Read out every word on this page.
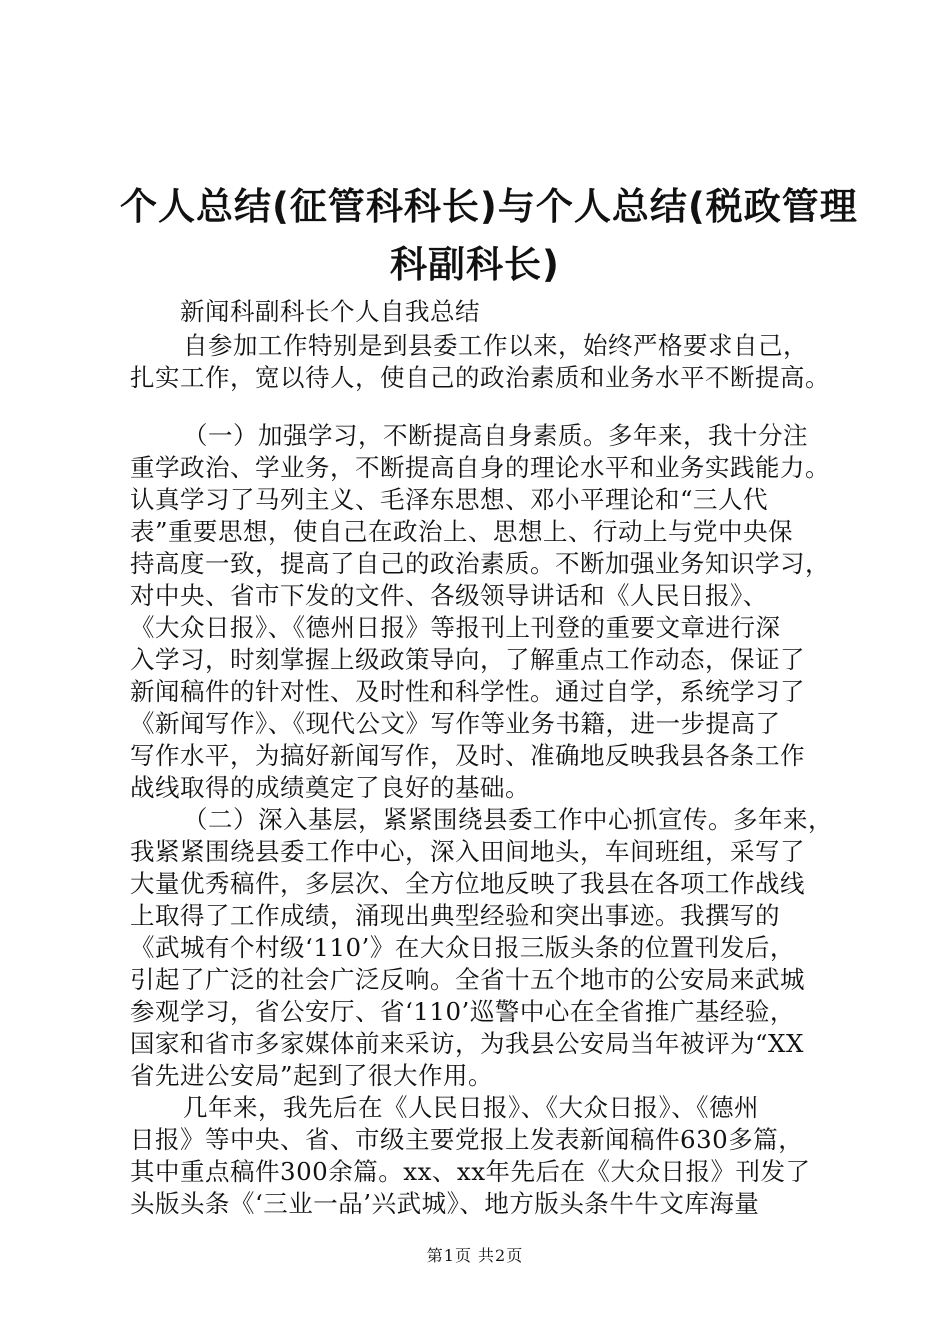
个人总结(征管科科长)与个人总结(税政管理
科副科长)
新闻科副科长个人自我总结
自参加工作特别是到县委工作以来，始终严格要求自己，
扎实工作，宽以待人，使自己的政治素质和业务水平不断提高。
（一）加强学习，不断提高自身素质。多年来，我十分注
重学政治、学业务，不断提高自身的理论水平和业务实践能力。
认真学习了马列主义、毛泽东思想、邓小平理论和“三人代
表”重要思想，使自己在政治上、思想上、行动上与党中央保
持高度一致，提高了自己的政治素质。不断加强业务知识学习，
对中央、省市下发的文件、各级领导讲话和《人民日报》、
《大众日报》、《德州日报》等报刊上刊登的重要文章进行深
入学习，时刻掌握上级政策导向，了解重点工作动态，保证了
新闻稿件的针对性、及时性和科学性。通过自学，系统学习了
《新闻写作》、《现代公文》写作等业务书籍，进一步提高了
写作水平，为搞好新闻写作，及时、准确地反映我县各条工作
战线取得的成绩奠定了良好的基础。
（二）深入基层，紧紧围绕县委工作中心抓宣传。多年来，
我紧紧围绕县委工作中心，深入田间地头，车间班组，采写了
大量优秀稿件，多层次、全方位地反映了我县在各项工作战线
上取得了工作成绩，涌现出典型经验和突出事迹。我撰写的
《武城有个村级‘110’》在大众日报三版头条的位置刊发后，
引起了广泛的社会广泛反响。全省十五个地市的公安局来武城
参观学习，省公安厅、省‘110’巡警中心在全省推广基经验，
国家和省市多家媒体前来采访，为我县公安局当年被评为“XX
省先进公安局”起到了很大作用。
几年来，我先后在《人民日报》、《大众日报》、《德州
日报》等中央、省、市级主要党报上发表新闻稿件630多篇，
其中重点稿件300余篇。xx、xx年先后在《大众日报》刊发了
头版头条《‘三业一品’兴武城》、地方版头条牛牛文库海量
第1页 共2页
